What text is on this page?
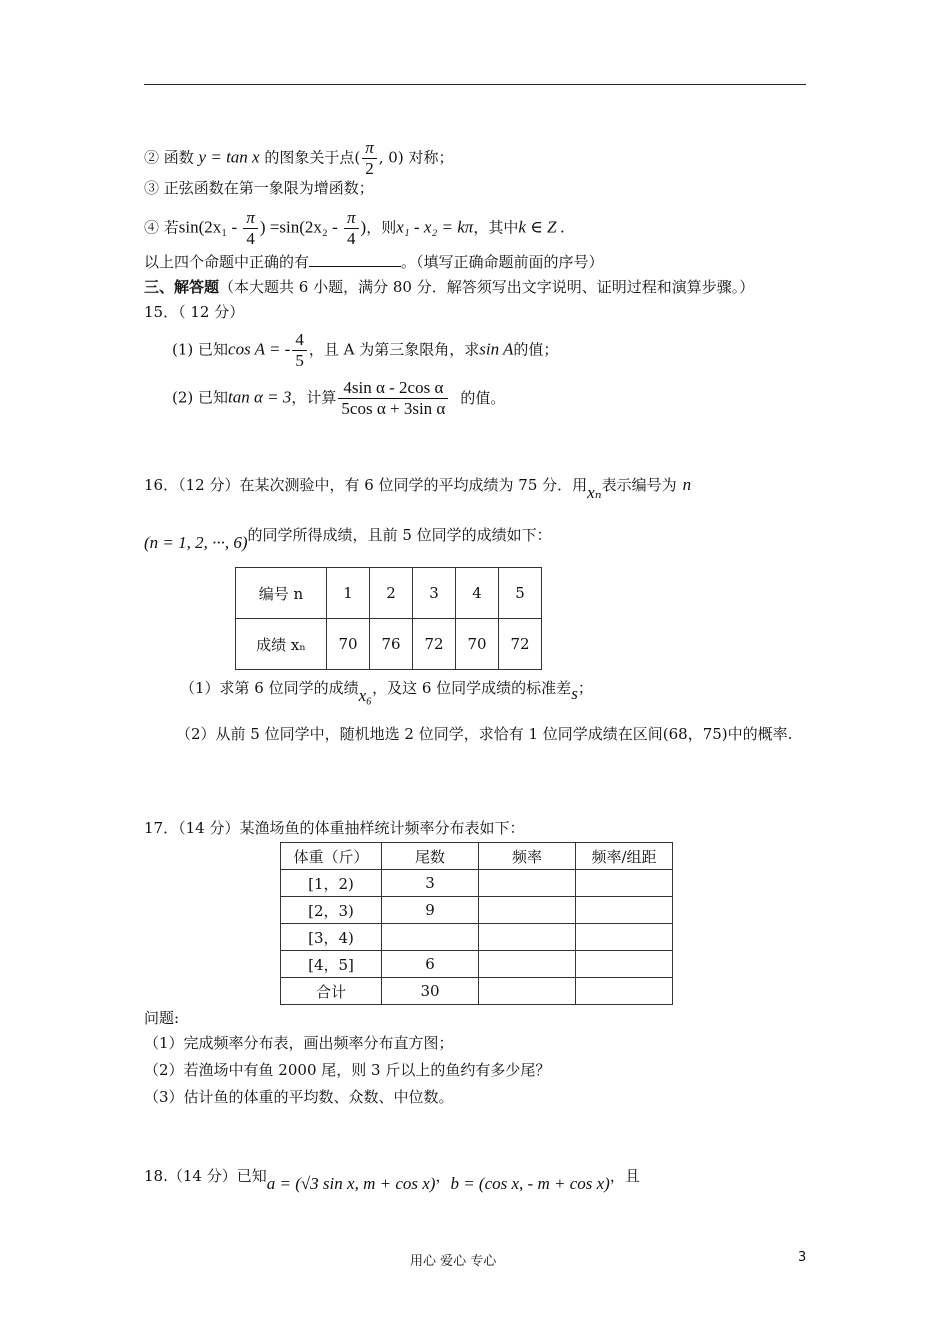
② 函数 y = tan x 的图象关于点( $\frac{\pi}{2}$ , 0) 对称；
③ 正弦函数在第一象限为增函数；
④ 若$\sin(2x_1 - \frac{\pi}{4}$ ) $=\sin(2x_2 - \frac{\pi}{4}$ )，则x₁ - x₂ = kπ，其中k ∈ Z .
以上四个命题中正确的有	。（填写正确命题前面的序号）
三、解答题（本大题共 6 小题，满分 80 分．解答须写出文字说明、证明过程和演算步骤。）
15．（ 12 分）
(1) 已知cos A = - $\frac{4}{5}$ ，且 A 为第三象限角，求sin A的值；
(2) 已知tan α = 3，计算 $\frac{\text{4sin α - 2cos α}}{\text{5cos α + 3sin α}}$ 的值。
16．（12 分）在某次测验中，有 6 位同学的平均成绩为 75 分．用xₙ表示编号为 n
(n = 1, 2, ···, 6)的同学所得成绩，且前 5 位同学的成绩如下：
编号 n	1	2	3	4	5
成绩 xₙ	70	76	72	70	72
（1）求第 6 位同学的成绩x₆，及这 6 位同学成绩的标准差s；
（2）从前 5 位同学中，随机地选 2 位同学，求恰有 1 位同学成绩在区间(68，75)中的概率.
17．（14 分）某渔场鱼的体重抽样统计频率分布表如下：
体重（斤）	尾数	频率	频率/组距
[1，2)	3		
[2，3)	9		
[3，4)			
[4，5]	6		
合计	30		
问题:
（1）完成频率分布表，画出频率分布直方图；
（2）若渔场中有鱼 2000 尾，则 3 斤以上的鱼约有多少尾？
（3）估计鱼的体重的平均数、众数、中位数。
18.（14 分）已知a = (√3 sin x, m + cos x)，b = (cos x, - m + cos x)，且
用心 爱心 专心	3
